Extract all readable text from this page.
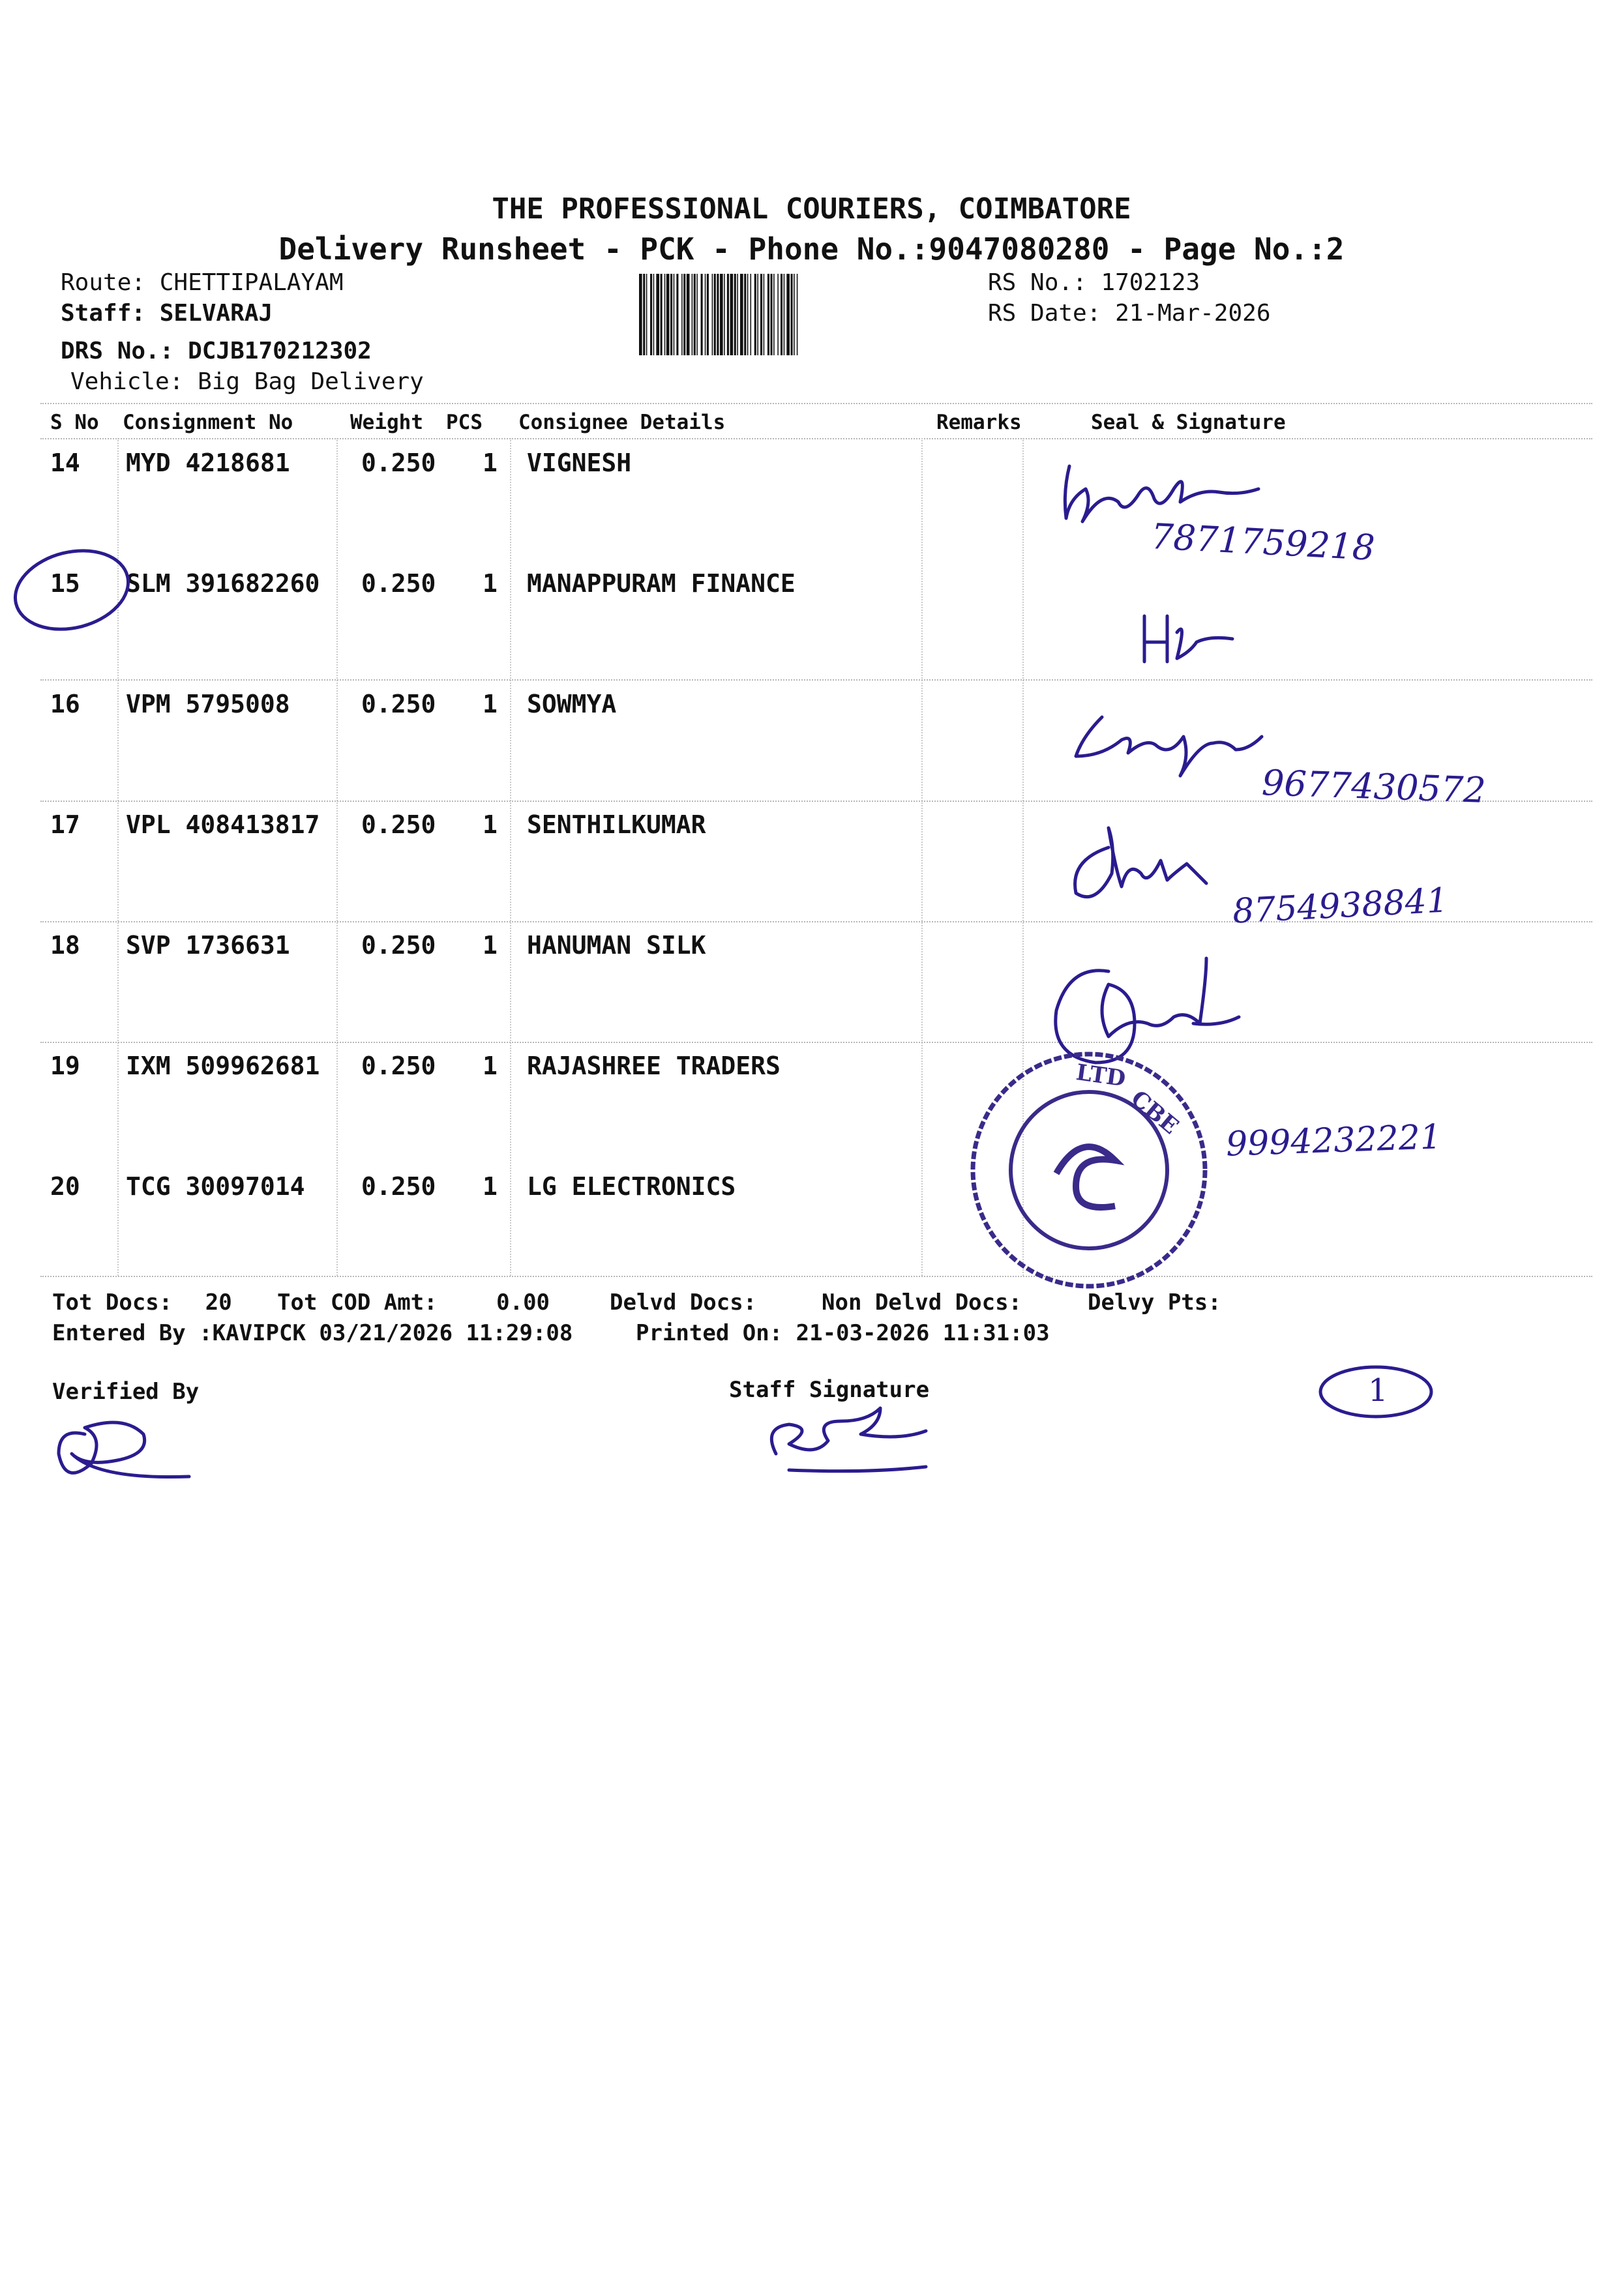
THE PROFESSIONAL COURIERS, COIMBATORE
Delivery Runsheet - PCK - Phone No.:9047080280 - Page No.:2
Route: CHETTIPALAYAM
Staff: SELVARAJ
DRS No.: DCJB170212302
Vehicle: Big Bag Delivery
RS No.: 1702123
RS Date: 21-Mar-2026
S No Consignment No	Weight PCS Consignee Details	Remarks	Seal & Signature
14 MYD 4218681	0.250 1 VIGNESH
15 SLM 391682260 0.250 1 MANAPPURAM FINANCE
16 VPM 5795008	0.250 1 SOWMYA
17 VPL 408413817 0.250 1 SENTHILKUMAR
18 SVP 1736631	0.250 1 HANUMAN SILK
19 IXM 509962681 0.250 1 RAJASHREE TRADERS
20 TCG 30097014 0.250 1 LG ELECTRONICS
7871759218
9677430572
8754938841
9994232221
1
LTD
CBE
Tot Docs: 20 Tot COD Amt:	0.00	Delvd Docs:	Non Delvd Docs:	Delvy Pts:
Entered By :KAVIPCK 03/21/2026 11:29:08	Printed On: 21-03-2026 11:31:03
Verified By	Staff Signature
